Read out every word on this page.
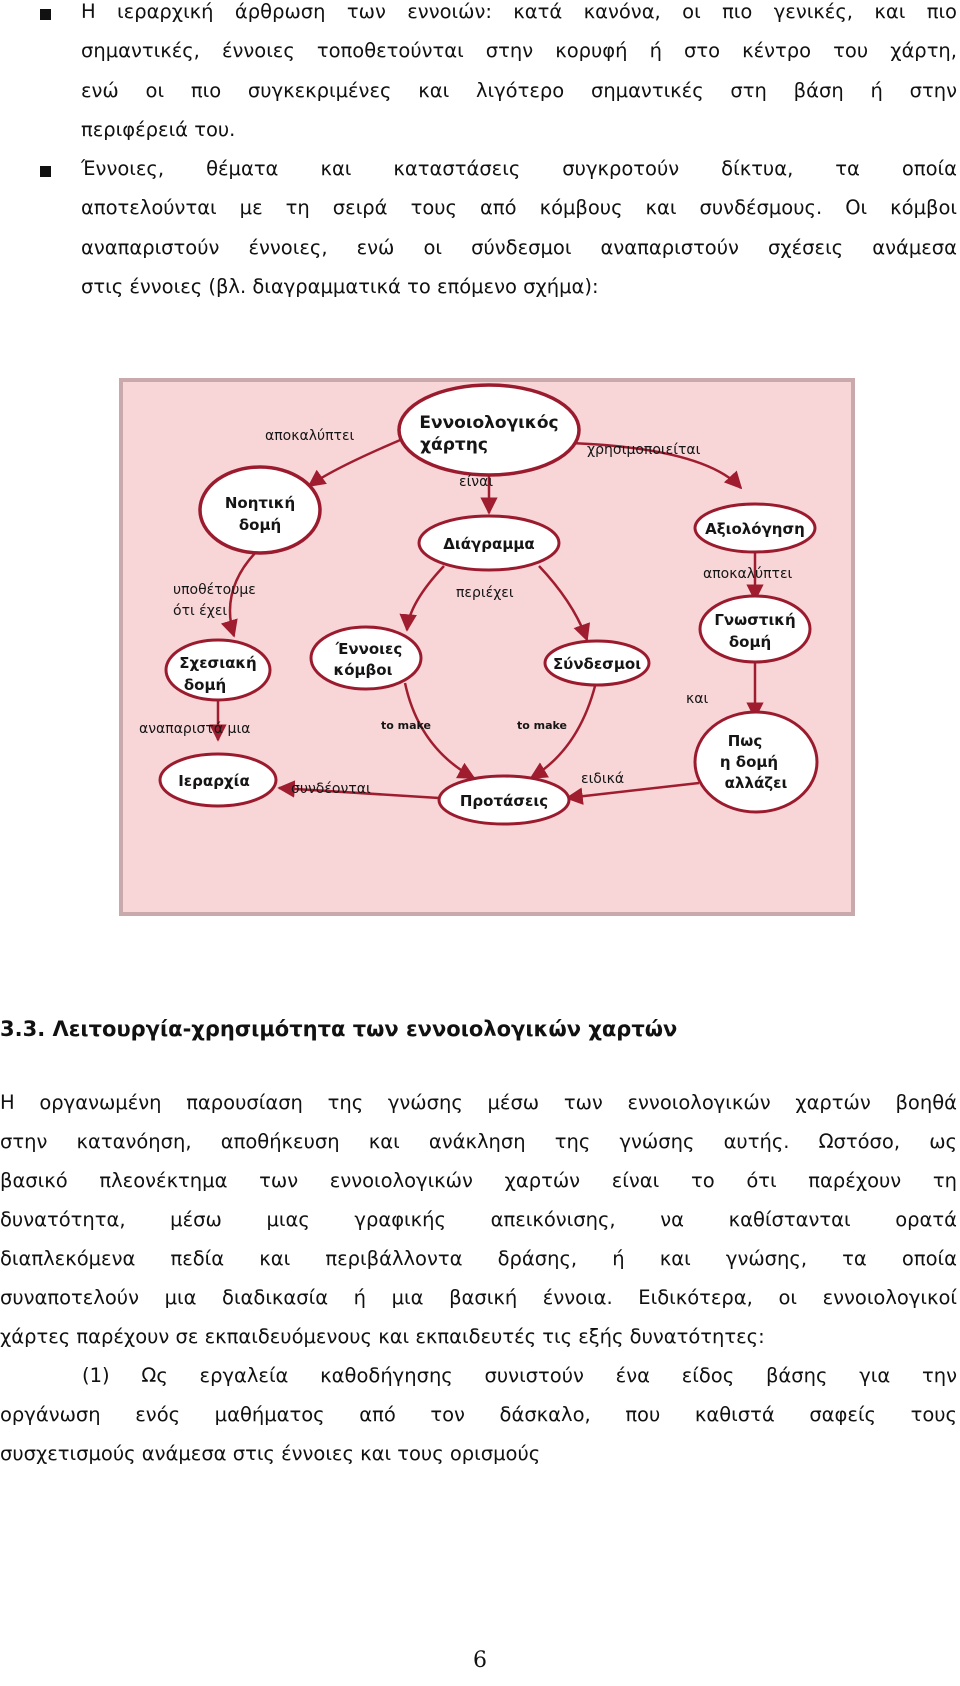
Η ιεραρχική άρθρωση των εννοιών: κατά κανόνα, οι πιο γενικές, και πιο
σημαντικές, έννοιες τοποθετούνται στην κορυφή ή στο κέντρο του χάρτη,
ενώ οι πιο συγκεκριμένες και λιγότερο σημαντικές στη βάση ή στην
περιφέρειά του.
Έννοιες, θέματα και καταστάσεις συγκροτούν δίκτυα, τα οποία
αποτελούνται με τη σειρά τους από κόμβους και συνδέσμους. Οι κόμβοι
αναπαριστούν έννοιες, ενώ οι σύνδεσμοι αναπαριστούν σχέσεις ανάμεσα
στις έννοιες (βλ. διαγραμματικά το επόμενο σχήμα):
Εννοιολογικός
χάρτης
Νοητική
δομή	Αξιολόγηση
Διάγραμμα
Γνωστική
δομή
Σχεσιακή
δομή
Έννοιες
κόμβοι	Σύνδεσμοι
Πως
η δομή
αλλάζει
Ιεραρχία
Προτάσεις
αποκαλύπτει
χρησιμοποιείται
είναι
αποκαλύπτει
περιέχει
υποθέτουμε
ότι έχει
και
αναπαριστά μια	to make	to make
συνδέονται
ειδικά
3.3. Λειτουργία-χρησιμότητα των εννοιολογικών χαρτών
Η οργανωμένη παρουσίαση της γνώσης μέσω των εννοιολογικών χαρτών βοηθά
στην κατανόηση, αποθήκευση και ανάκληση της γνώσης αυτής. Ωστόσο, ως
βασικό πλεονέκτημα των εννοιολογικών χαρτών είναι το ότι παρέχουν τη
δυνατότητα, μέσω μιας γραφικής απεικόνισης, να καθίστανται ορατά
διαπλεκόμενα πεδία και περιβάλλοντα δράσης, ή και γνώσης, τα οποία
συναποτελούν μια διαδικασία ή μια βασική έννοια. Ειδικότερα, οι εννοιολογικοί
χάρτες παρέχουν σε εκπαιδευόμενους και εκπαιδευτές τις εξής δυνατότητες:
(1) Ως εργαλεία καθοδήγησης συνιστούν ένα είδος βάσης για την
οργάνωση ενός μαθήματος από τον δάσκαλο, που καθιστά σαφείς τους
συσχετισμούς ανάμεσα στις έννοιες και τους ορισμούς
6
